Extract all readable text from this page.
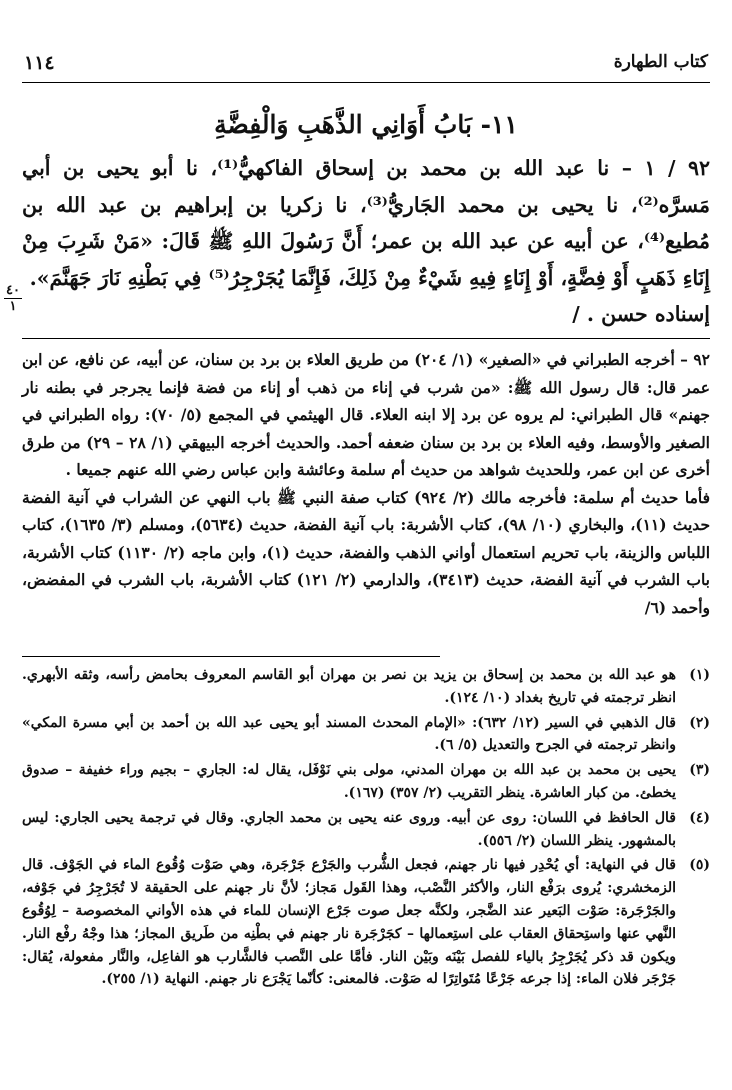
كتاب الطهارة
١١٤
١١- بَابُ أَوَانِي الذَّهَبِ وَالْفِضَّةِ

٩٢ / ١ – نا عبد الله بن محمد بن إسحاق الفاكهيُّ⁽¹⁾، نا أبو يحيى بن أبي مَسرَّه⁽²⁾، نا يحيى بن محمد الجَاريُّ⁽³⁾، نا زكريا بن إبراهيم بن عبد الله بن مُطيع⁽⁴⁾، عن أبيه عن عبد الله بن عمر؛ أَنَّ رَسُولَ اللهِ ﷺ قَالَ: «مَنْ شَرِبَ مِنْ إِنَاءِ ذَهَبٍ أَوْ فِضَّةٍ، أَوْ إِنَاءٍ فِيهِ شَيْءٌ مِنْ ذَلِكَ، فَإِنَّمَا يُجَرْجِرُ⁽⁵⁾ فِي بَطْنِهِ نَارَ جَهَنَّمَ».

إسناده حسن . /

٤٠
١

٩٢ – أخرجه الطبراني في «الصغير» (١/ ٢٠٤) من طريق العلاء بن برد بن سنان، عن أبيه، عن نافع، عن ابن عمر قال: قال رسول الله ﷺ: «من شرب في إناء من ذهب أو إناء من فضة فإنما يجرجر في بطنه نار جهنم» قال الطبراني: لم يروه عن برد إلا ابنه العلاء. قال الهيثمي في المجمع (٥/ ٧٠): رواه الطبراني في الصغير والأوسط، وفيه العلاء بن برد بن سنان ضعفه أحمد. والحديث أخرجه البيهقي (١/ ٢٨ – ٢٩) من طرق أخرى عن ابن عمر، وللحديث شواهد من حديث أم سلمة وعائشة وابن عباس رضي الله عنهم جميعا .

فأما حديث أم سلمة: فأخرجه مالك (٢/ ٩٢٤) كتاب صفة النبي ﷺ باب النهي عن الشراب في آنية الفضة حديث (١١)، والبخاري (١٠/ ٩٨)، كتاب الأشربة: باب آنية الفضة، حديث (٥٦٣٤)، ومسلم (٣/ ١٦٣٥)، كتاب اللباس والزينة، باب تحريم استعمال أواني الذهب والفضة، حديث (١)، وابن ماجه (٢/ ١١٣٠) كتاب الأشربة، باب الشرب في آنية الفضة، حديث (٣٤١٣)، والدارمي (٢/ ١٢١) كتاب الأشربة، باب الشرب في المفضض، وأحمد (٦/

(١)
هو عبد الله بن محمد بن إسحاق بن يزيد بن نصر بن مهران أبو القاسم المعروف بحامض رأسه، وثقه الأبهري. انظر ترجمته في تاريخ بغداد (١٠/ ١٢٤).
(٢)
قال الذهبي في السير (١٢/ ٦٣٢): «الإمام المحدث المسند أبو يحيى عبد الله بن أحمد بن أبي مسرة المكي» وانظر ترجمته في الجرح والتعديل (٥/ ٦).
(٣)
يحيى بن محمد بن عبد الله بن مهران المدني، مولى بني نَوْفَل، يقال له: الجاري – بجيم وراء خفيفة – صدوق يخطئ. من كبار العاشرة. ينظر التقريب (٢/ ٣٥٧) (١٦٧).
(٤)
قال الحافظ في اللسان: روى عن أبيه. وروى عنه يحيى بن محمد الجاري. وقال في ترجمة يحيى الجاري: ليس بالمشهور. ينظر اللسان (٢/ ٥٥٦).
(٥)
قال في النهاية: أي يُحْدِر فيها نار جهنم، فجعل الشُّرب والجَرْع جَرْجَرة، وهي صَوْت وُقُوع الماء في الجَوْف. قال الزمخشري: يُروى برَفْع النار، والأكثر النَّصْب، وهذا القَول مَجاز؛ لأنَّ نار جهنم على الحقيقة لا تُجَرْجِرُ في جَوْفه، والجَرْجَرة: صَوْت البَعير عند الضَّجر، ولكنَّه جعل صوت جَرْع الإنسان للماء في هذه الأواني المخصوصة – لِوُقُوع النَّهي عنها واستِحقاق العقاب على استِعمالها – كجَرْجَرة نار جهنم في بطْنِه من طَريق المجاز؛ هذا وجْهُ رفْع النار. ويكون قد ذكر يُجَرْجِرُ بالياء للفصل بَيْنَه وبَيْن النار. فأمَّا على النَّصب فالشَّارب هو الفاعِل، والنَّار مفعولة، يُقال: جَرْجَر فلان الماء: إذا جرعه جَرْعًا مُتَواتِرًا له صَوْت. فالمعنى: كأنّما يَجْرَع نار جهنم. النهاية (١/ ٢٥٥).
